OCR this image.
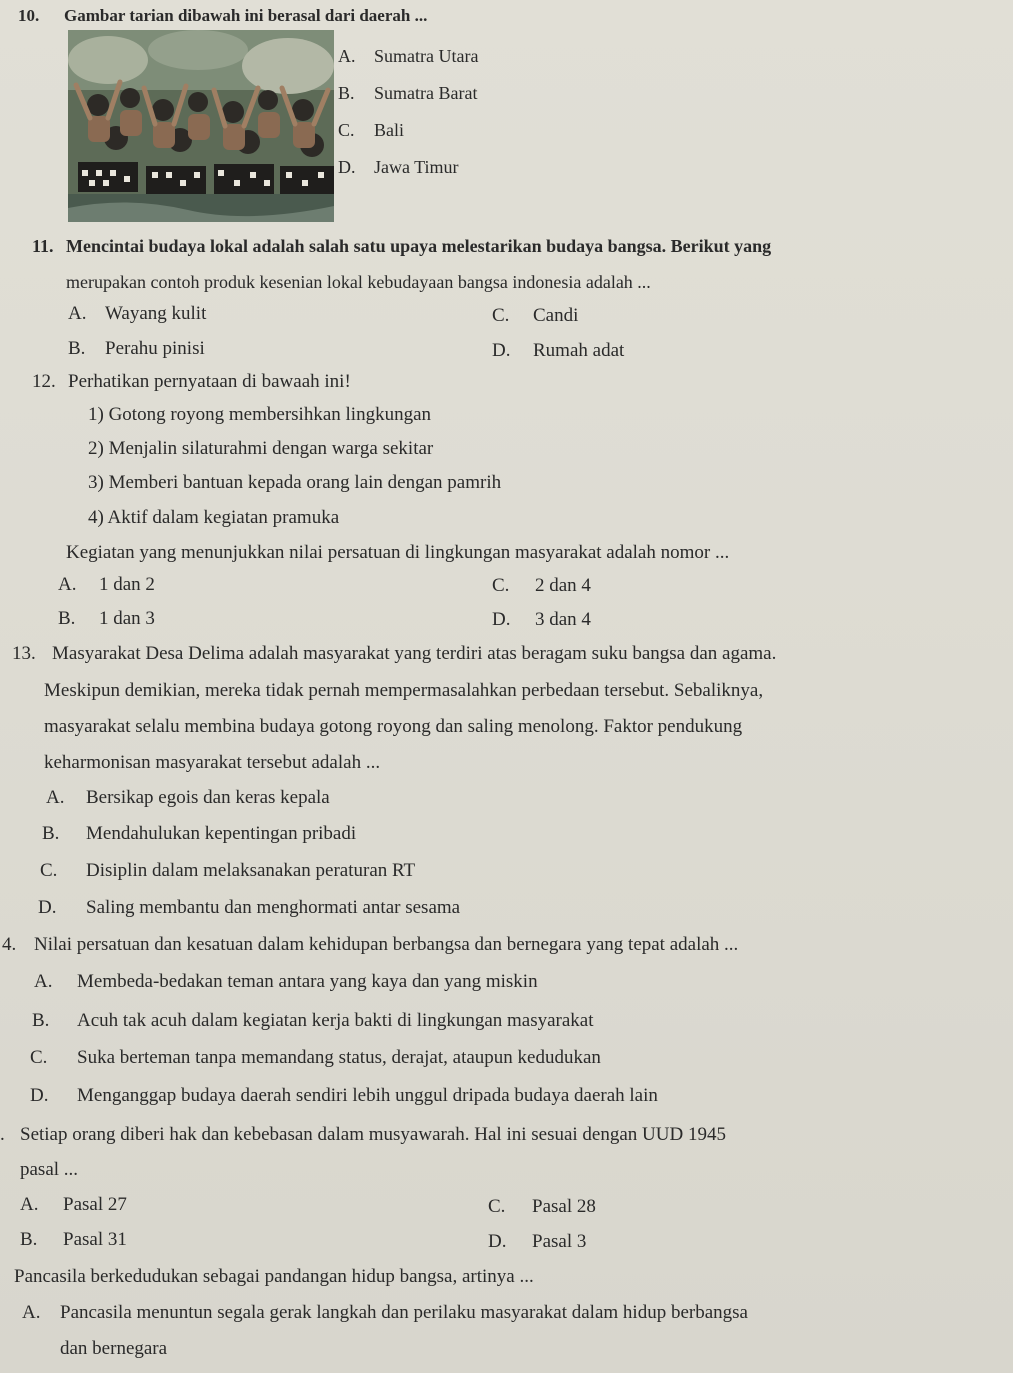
10. Gambar tarian dibawah ini berasal dari daerah ...
A. Sumatra Utara
B. Sumatra Barat
C. Bali
D. Jawa Timur
11. Mencintai budaya lokal adalah salah satu upaya melestarikan budaya bangsa. Berikut yang
merupakan contoh produk kesenian lokal kebudayaan bangsa indonesia adalah ...
A. Wayang kulit
B. Perahu pinisi
C. Candi
D. Rumah adat
12. Perhatikan pernyataan di bawaah ini!
1) Gotong royong membersihkan lingkungan
2) Menjalin silaturahmi dengan warga sekitar
3) Memberi bantuan kepada orang lain dengan pamrih
4) Aktif dalam kegiatan pramuka
Kegiatan yang menunjukkan nilai persatuan di lingkungan masyarakat adalah nomor ...
A. 1 dan 2
B. 1 dan 3
C. 2 dan 4
D. 3 dan 4
13. Masyarakat Desa Delima adalah masyarakat yang terdiri atas beragam suku bangsa dan agama.
Meskipun demikian, mereka tidak pernah mempermasalahkan perbedaan tersebut. Sebaliknya,
masyarakat selalu membina budaya gotong royong dan saling menolong. Faktor pendukung
keharmonisan masyarakat tersebut adalah ...
A. Bersikap egois dan keras kepala
B. Mendahulukan kepentingan pribadi
C. Disiplin dalam melaksanakan peraturan RT
D. Saling membantu dan menghormati antar sesama
4. Nilai persatuan dan kesatuan dalam kehidupan berbangsa dan bernegara yang tepat adalah ...
A. Membeda-bedakan teman antara yang kaya dan yang miskin
B. Acuh tak acuh dalam kegiatan kerja bakti di lingkungan masyarakat
C. Suka berteman tanpa memandang status, derajat, ataupun kedudukan
D. Menganggap budaya daerah sendiri lebih unggul dripada budaya daerah lain
. Setiap orang diberi hak dan kebebasan dalam musyawarah. Hal ini sesuai dengan UUD 1945
pasal ...
A. Pasal 27
B. Pasal 31
C. Pasal 28
D. Pasal 3
Pancasila berkedudukan sebagai pandangan hidup bangsa, artinya ...
A. Pancasila menuntun segala gerak langkah dan perilaku masyarakat dalam hidup berbangsa
dan bernegara
